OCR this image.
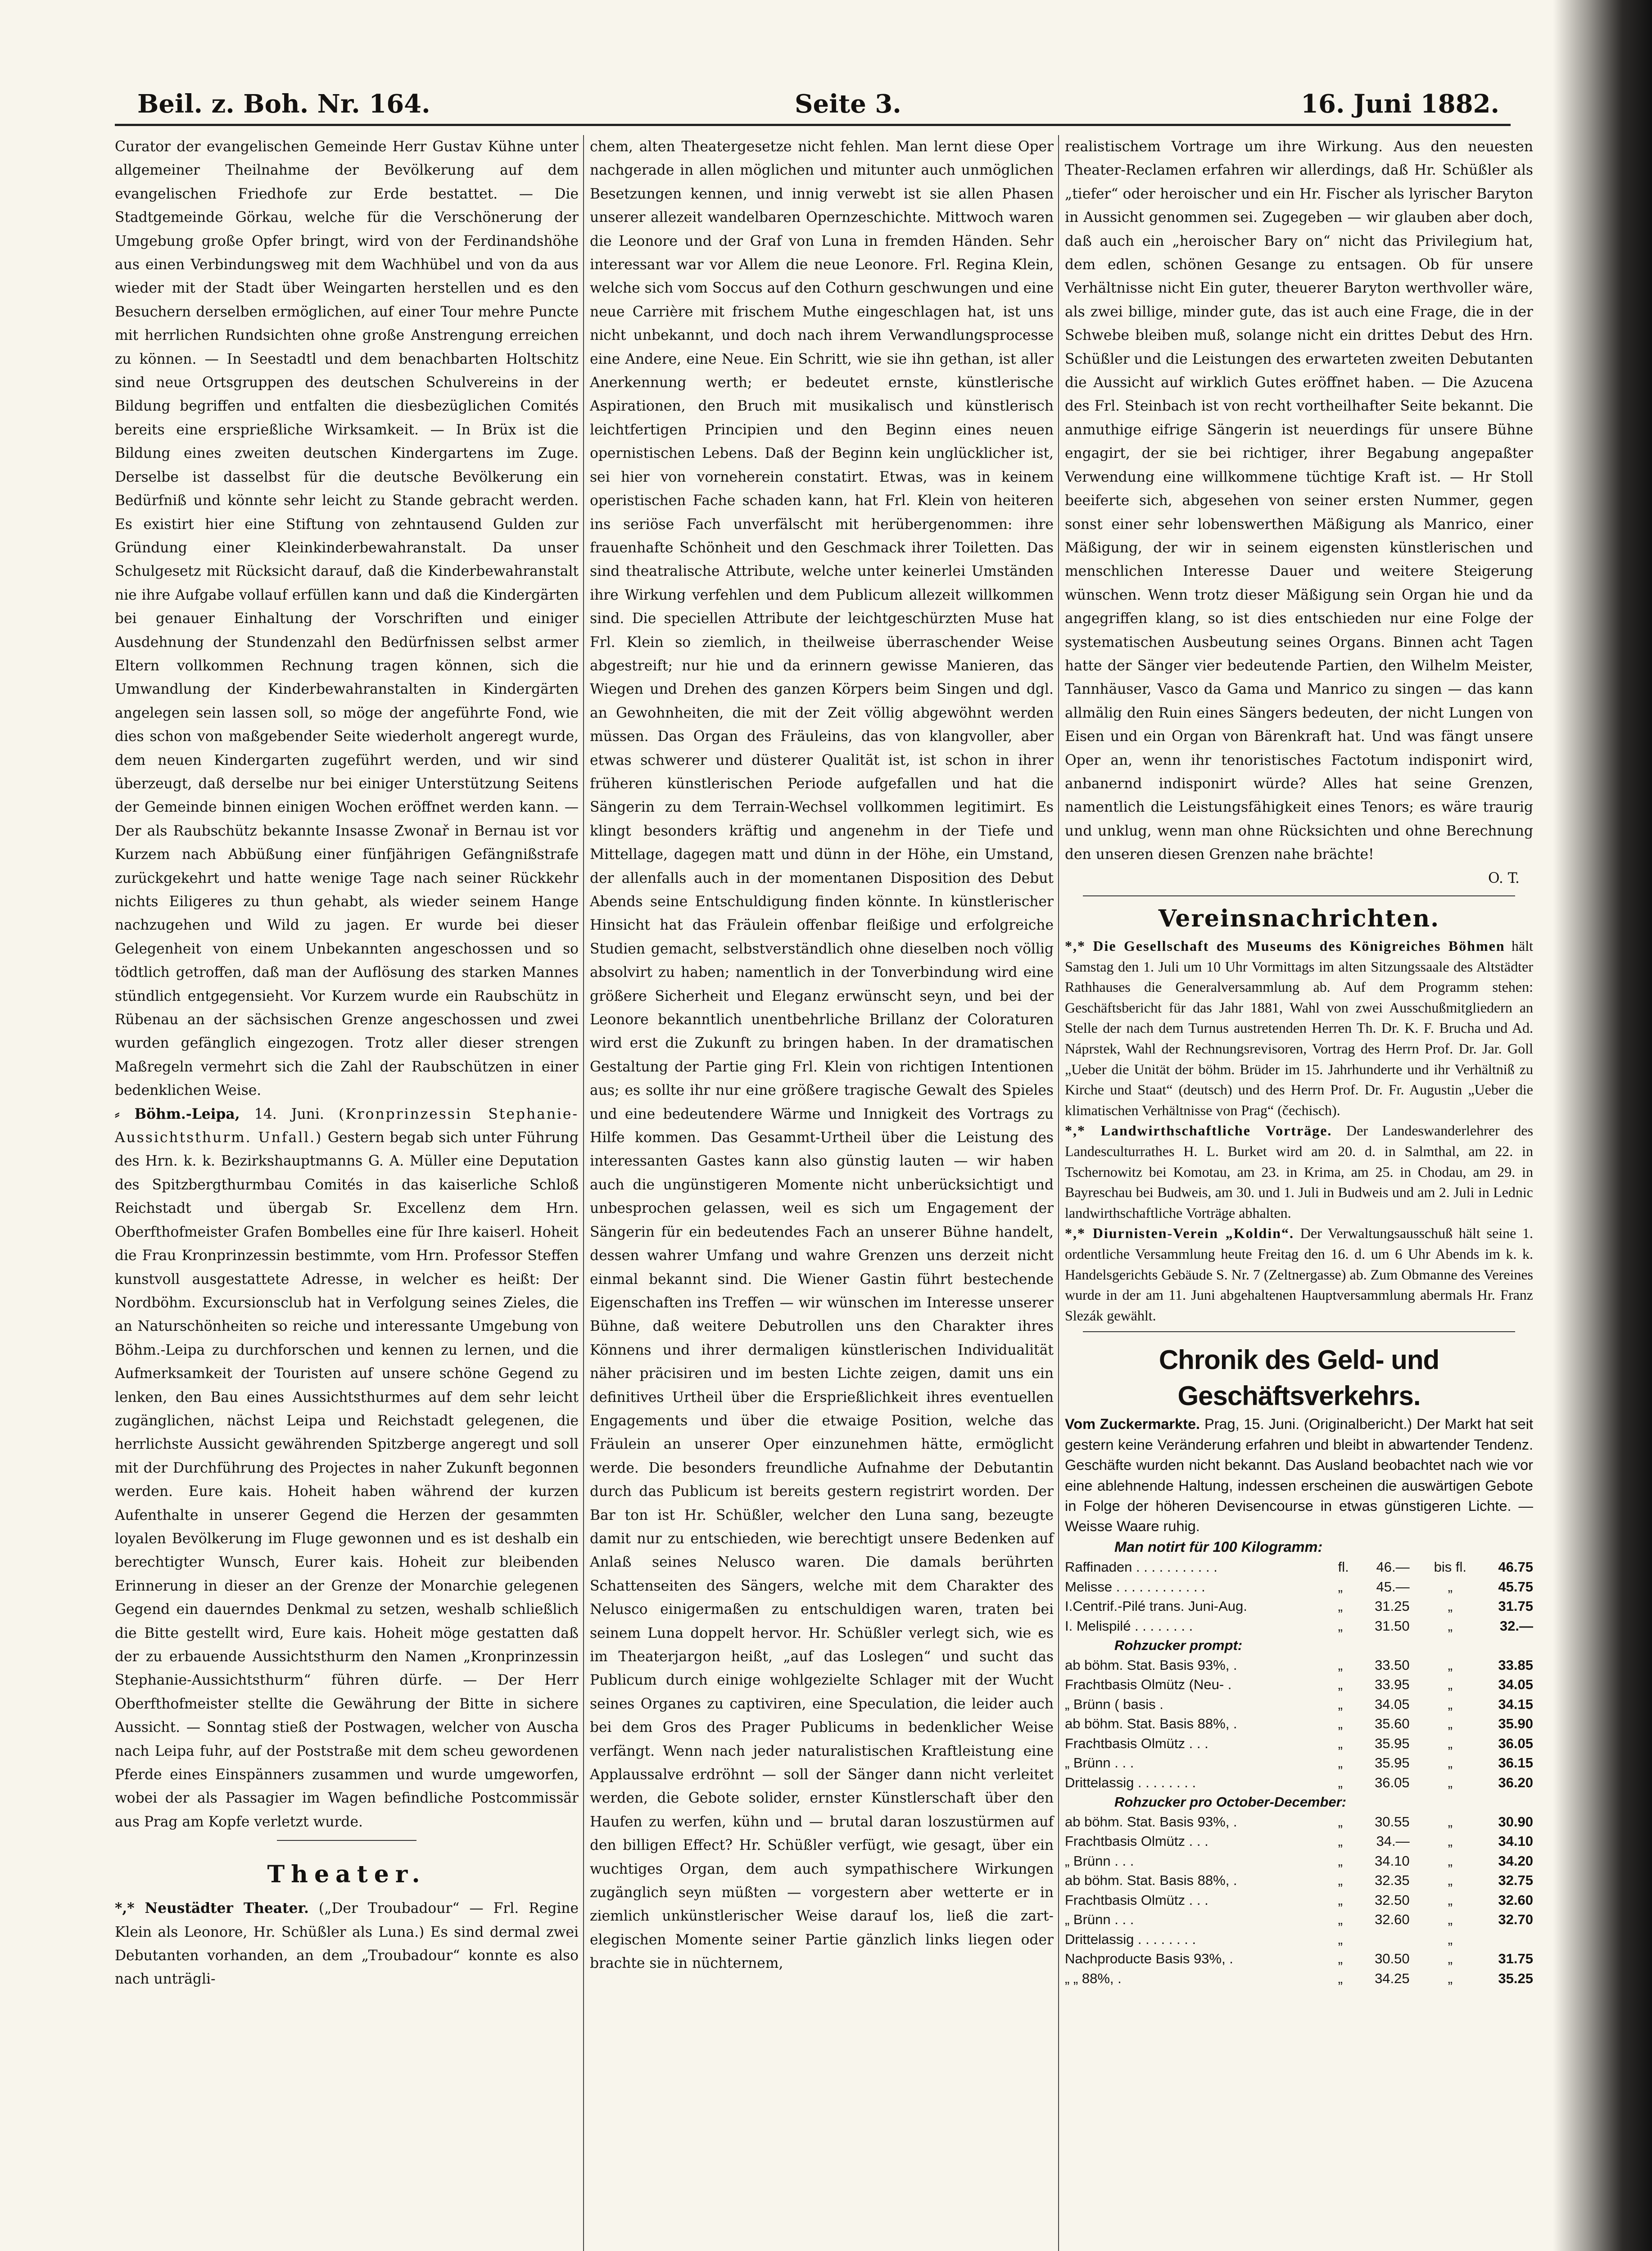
Beil. z. Boh. Nr. 164.	Seite 3.	16. Juni 1882.

Curator der evangelischen Gemeinde Herr Gustav Kühne unter allgemeiner Theilnahme der Bevölkerung auf dem evangelischen Friedhofe zur Erde bestattet. — Die Stadtgemeinde Görkau, welche für die Verschönerung der Umgebung große Opfer bringt, wird von der Ferdinandshöhe aus einen Verbindungsweg mit dem Wachhübel und von da aus wieder mit der Stadt über Weingarten herstellen und es den Besuchern derselben ermöglichen, auf einer Tour mehre Puncte mit herrlichen Rundsichten ohne große Anstrengung erreichen zu können. — In Seestadtl und dem benachbarten Holtschitz sind neue Ortsgruppen des deutschen Schulvereins in der Bildung begriffen und entfalten die diesbezüglichen Comités bereits eine ersprießliche Wirksamkeit. — In Brüx ist die Bildung eines zweiten deutschen Kindergartens im Zuge. Derselbe ist dasselbst für die deutsche Bevölkerung ein Bedürfniß und könnte sehr leicht zu Stande gebracht werden. Es existirt hier eine Stiftung von zehntausend Gulden zur Gründung einer Kleinkinderbewahranstalt. Da unser Schulgesetz mit Rücksicht darauf, daß die Kinderbewahranstalt nie ihre Aufgabe vollauf erfüllen kann und daß die Kindergärten bei genauer Einhaltung der Vorschriften und einiger Ausdehnung der Stundenzahl den Bedürfnissen selbst armer Eltern vollkommen Rechnung tragen können, sich die Umwandlung der Kinderbewahranstalten in Kindergärten angelegen sein lassen soll, so möge der angeführte Fond, wie dies schon von maßgebender Seite wiederholt angeregt wurde, dem neuen Kindergarten zugeführt werden, und wir sind überzeugt, daß derselbe nur bei einiger Unterstützung Seitens der Gemeinde binnen einigen Wochen eröffnet werden kann. — Der als Raubschütz bekannte Insasse Zwonař in Bernau ist vor Kurzem nach Abbüßung einer fünfjährigen Gefängnißstrafe zurückgekehrt und hatte wenige Tage nach seiner Rückkehr nichts Eiligeres zu thun gehabt, als wieder seinem Hange nachzugehen und Wild zu jagen. Er wurde bei dieser Gelegenheit von einem Unbekannten angeschossen und so tödtlich getroffen, daß man der Auflösung des starken Mannes stündlich entgegensieht. Vor Kurzem wurde ein Raubschütz in Rübenau an der sächsischen Grenze angeschossen und zwei wurden gefänglich eingezogen. Trotz aller dieser strengen Maßregeln vermehrt sich die Zahl der Raubschützen in einer bedenklichen Weise.

⸗ Böhm.-Leipa, 14. Juni. (Kronprinzessin Stephanie-Aussichtsthurm. Unfall.) Gestern begab sich unter Führung des Hrn. k. k. Bezirkshauptmanns G. A. Müller eine Deputation des Spitzbergthurmbau Comités in das kaiserliche Schloß Reichstadt und übergab Sr. Excellenz dem Hrn. Oberfthofmeister Grafen Bombelles eine für Ihre kaiserl. Hoheit die Frau Kronprinzessin bestimmte, vom Hrn. Professor Steffen kunstvoll ausgestattete Adresse, in welcher es heißt: Der Nordböhm. Excursionsclub hat in Verfolgung seines Zieles, die an Naturschönheiten so reiche und interessante Umgebung von Böhm.-Leipa zu durchforschen und kennen zu lernen, und die Aufmerksamkeit der Touristen auf unsere schöne Gegend zu lenken, den Bau eines Aussichtsthurmes auf dem sehr leicht zugänglichen, nächst Leipa und Reichstadt gelegenen, die herrlichste Aussicht gewährenden Spitzberge angeregt und soll mit der Durchführung des Projectes in naher Zukunft begonnen werden. Eure kais. Hoheit haben während der kurzen Aufenthalte in unserer Gegend die Herzen der gesammten loyalen Bevölkerung im Fluge gewonnen und es ist deshalb ein berechtigter Wunsch, Eurer kais. Hoheit zur bleibenden Erinnerung in dieser an der Grenze der Monarchie gelegenen Gegend ein dauerndes Denkmal zu setzen, weshalb schließlich die Bitte gestellt wird, Eure kais. Hoheit möge gestatten daß der zu erbauende Aussichtsthurm den Namen „Kronprinzessin Stephanie-Aussichtsthurm“ führen dürfe. — Der Herr Oberfthofmeister stellte die Gewährung der Bitte in sichere Aussicht. — Sonntag stieß der Postwagen, welcher von Auscha nach Leipa fuhr, auf der Poststraße mit dem scheu gewordenen Pferde eines Einspänners zusammen und wurde umgeworfen, wobei der als Passagier im Wagen befindliche Postcommissär aus Prag am Kopfe verletzt wurde.

Theater.

*,* Neustädter Theater. („Der Troubadour“ — Frl. Regine Klein als Leonore, Hr. Schüßler als Luna.) Es sind dermal zwei Debutanten vorhanden, an dem „Troubadour“ konnte es also nach unträgli-

chem, alten Theatergesetze nicht fehlen. Man lernt diese Oper nachgerade in allen möglichen und mitunter auch unmöglichen Besetzungen kennen, und innig verwebt ist sie allen Phasen unserer allezeit wandelbaren Opernzeschichte. Mittwoch waren die Leonore und der Graf von Luna in fremden Händen. Sehr interessant war vor Allem die neue Leonore. Frl. Regina Klein, welche sich vom Soccus auf den Cothurn geschwungen und eine neue Carrière mit frischem Muthe eingeschlagen hat, ist uns nicht unbekannt, und doch nach ihrem Verwandlungsprocesse eine Andere, eine Neue. Ein Schritt, wie sie ihn gethan, ist aller Anerkennung werth; er bedeutet ernste, künstlerische Aspirationen, den Bruch mit musikalisch und künstlerisch leichtfertigen Principien und den Beginn eines neuen opernistischen Lebens. Daß der Beginn kein unglücklicher ist, sei hier von vorneherein constatirt. Etwas, was in keinem operistischen Fache schaden kann, hat Frl. Klein von heiteren ins seriöse Fach unverfälscht mit herübergenommen: ihre frauenhafte Schönheit und den Geschmack ihrer Toiletten. Das sind theatralische Attribute, welche unter keinerlei Umständen ihre Wirkung verfehlen und dem Publicum allezeit willkommen sind. Die speciellen Attribute der leichtgeschürzten Muse hat Frl. Klein so ziemlich, in theilweise überraschender Weise abgestreift; nur hie und da erinnern gewisse Manieren, das Wiegen und Drehen des ganzen Körpers beim Singen und dgl. an Gewohnheiten, die mit der Zeit völlig abgewöhnt werden müssen. Das Organ des Fräuleins, das von klangvoller, aber etwas schwerer und düsterer Qualität ist, ist schon in ihrer früheren künstlerischen Periode aufgefallen und hat die Sängerin zu dem Terrain-Wechsel vollkommen legitimirt. Es klingt besonders kräftig und angenehm in der Tiefe und Mittellage, dagegen matt und dünn in der Höhe, ein Umstand, der allenfalls auch in der momentanen Disposition des Debut Abends seine Entschuldigung finden könnte. In künstlerischer Hinsicht hat das Fräulein offenbar fleißige und erfolgreiche Studien gemacht, selbstverständlich ohne dieselben noch völlig absolvirt zu haben; namentlich in der Tonverbindung wird eine größere Sicherheit und Eleganz erwünscht seyn, und bei der Leonore bekanntlich unentbehrliche Brillanz der Coloraturen wird erst die Zukunft zu bringen haben. In der dramatischen Gestaltung der Partie ging Frl. Klein von richtigen Intentionen aus; es sollte ihr nur eine größere tragische Gewalt des Spieles und eine bedeutendere Wärme und Innigkeit des Vortrags zu Hilfe kommen. Das Gesammt-Urtheil über die Leistung des interessanten Gastes kann also günstig lauten — wir haben auch die ungünstigeren Momente nicht unberücksichtigt und unbesprochen gelassen, weil es sich um Engagement der Sängerin für ein bedeutendes Fach an unserer Bühne handelt, dessen wahrer Umfang und wahre Grenzen uns derzeit nicht einmal bekannt sind. Die Wiener Gastin führt bestechende Eigenschaften ins Treffen — wir wünschen im Interesse unserer Bühne, daß weitere Debutrollen uns den Charakter ihres Könnens und ihrer dermaligen künstlerischen Individualität näher präcisiren und im besten Lichte zeigen, damit uns ein definitives Urtheil über die Ersprießlichkeit ihres eventuellen Engagements und über die etwaige Position, welche das Fräulein an unserer Oper einzunehmen hätte, ermöglicht werde. Die besonders freundliche Aufnahme der Debutantin durch das Publicum ist bereits gestern registrirt worden. Der Bar ton ist Hr. Schüßler, welcher den Luna sang, bezeugte damit nur zu entschieden, wie berechtigt unsere Bedenken auf Anlaß seines Nelusco waren. Die damals berührten Schattenseiten des Sängers, welche mit dem Charakter des Nelusco einigermaßen zu entschuldigen waren, traten bei seinem Luna doppelt hervor. Hr. Schüßler verlegt sich, wie es im Theaterjargon heißt, „auf das Loslegen“ und sucht das Publicum durch einige wohlgezielte Schlager mit der Wucht seines Organes zu captiviren, eine Speculation, die leider auch bei dem Gros des Prager Publicums in bedenklicher Weise verfängt. Wenn nach jeder naturalistischen Kraftleistung eine Applaussalve erdröhnt — soll der Sänger dann nicht verleitet werden, die Gebote solider, ernster Künstlerschaft über den Haufen zu werfen, kühn und — brutal daran loszustürmen auf den billigen Effect? Hr. Schüßler verfügt, wie gesagt, über ein wuchtiges Organ, dem auch sympathischere Wirkungen zugänglich seyn müßten — vorgestern aber wetterte er in ziemlich unkünstlerischer Weise darauf los, ließ die zart-elegischen Momente seiner Partie gänzlich links liegen oder brachte sie in nüchternem,

realistischem Vortrage um ihre Wirkung. Aus den neuesten Theater-Reclamen erfahren wir allerdings, daß Hr. Schüßler als „tiefer“ oder heroischer und ein Hr. Fischer als lyrischer Baryton in Aussicht genommen sei. Zugegeben — wir glauben aber doch, daß auch ein „heroischer Bary on“ nicht das Privilegium hat, dem edlen, schönen Gesange zu entsagen. Ob für unsere Verhältnisse nicht Ein guter, theuerer Baryton werthvoller wäre, als zwei billige, minder gute, das ist auch eine Frage, die in der Schwebe bleiben muß, solange nicht ein drittes Debut des Hrn. Schüßler und die Leistungen des erwarteten zweiten Debutanten die Aussicht auf wirklich Gutes eröffnet haben. — Die Azucena des Frl. Steinbach ist von recht vortheilhafter Seite bekannt. Die anmuthige eifrige Sängerin ist neuerdings für unsere Bühne engagirt, der sie bei richtiger, ihrer Begabung angepaßter Verwendung eine willkommene tüchtige Kraft ist. — Hr Stoll beeiferte sich, abgesehen von seiner ersten Nummer, gegen sonst einer sehr lobenswerthen Mäßigung als Manrico, einer Mäßigung, der wir in seinem eigensten künstlerischen und menschlichen Interesse Dauer und weitere Steigerung wünschen. Wenn trotz dieser Mäßigung sein Organ hie und da angegriffen klang, so ist dies entschieden nur eine Folge der systematischen Ausbeutung seines Organs. Binnen acht Tagen hatte der Sänger vier bedeutende Partien, den Wilhelm Meister, Tannhäuser, Vasco da Gama und Manrico zu singen — das kann allmälig den Ruin eines Sängers bedeuten, der nicht Lungen von Eisen und ein Organ von Bärenkraft hat. Und was fängt unsere Oper an, wenn ihr tenoristisches Factotum indisponirt wird, anbanernd indisponirt würde? Alles hat seine Grenzen, namentlich die Leistungsfähigkeit eines Tenors; es wäre traurig und unklug, wenn man ohne Rücksichten und ohne Berechnung den unseren diesen Grenzen nahe brächte!

O. T.
Vereinsnachrichten.

*,* Die Gesellschaft des Museums des Königreiches Böhmen hält Samstag den 1. Juli um 10 Uhr Vormittags im alten Sitzungssaale des Altstädter Rathhauses die Generalversammlung ab. Auf dem Programm stehen: Geschäftsbericht für das Jahr 1881, Wahl von zwei Ausschußmitgliedern an Stelle der nach dem Turnus austretenden Herren Th. Dr. K. F. Brucha und Ad. Náprstek, Wahl der Rechnungsrevisoren, Vortrag des Herrn Prof. Dr. Jar. Goll „Ueber die Unität der böhm. Brüder im 15. Jahrhunderte und ihr Verhältniß zu Kirche und Staat“ (deutsch) und des Herrn Prof. Dr. Fr. Augustin „Ueber die klimatischen Verhältnisse von Prag“ (čechisch).

*,* Landwirthschaftliche Vorträge. Der Landeswanderlehrer des Landesculturrathes H. L. Burket wird am 20. d. in Salmthal, am 22. in Tschernowitz bei Komotau, am 23. in Krima, am 25. in Chodau, am 29. in Bayreschau bei Budweis, am 30. und 1. Juli in Budweis und am 2. Juli in Lednic landwirthschaftliche Vorträge abhalten.

*,* Diurnisten-Verein „Koldin“. Der Verwaltungsausschuß hält seine 1. ordentliche Versammlung heute Freitag den 16. d. um 6 Uhr Abends im k. k. Handelsgerichts Gebäude S. Nr. 7 (Zeltnergasse) ab. Zum Obmanne des Vereines wurde in der am 11. Juni abgehaltenen Hauptversammlung abermals Hr. Franz Slezák gewählt.

Chronik des Geld- und Geschäftsverkehrs.

Vom Zuckermarkte. Prag, 15. Juni. (Originalbericht.) Der Markt hat seit gestern keine Veränderung erfahren und bleibt in abwartender Tendenz. Geschäfte wurden nicht bekannt. Das Ausland beobachtet nach wie vor eine ablehnende Haltung, indessen erscheinen die auswärtigen Gebote in Folge der höheren Devisencourse in etwas günstigeren Lichte. — Weisse Waare ruhig.

Man notirt für 100 Kilogramm:

Raffinaden . . . . . . . . . . .	fl.	46.—	bis fl.	46.75
Melisse . . . . . . . . . . . .	„	45.—	„	45.75
I.Centrif.-Pilé trans. Juni-Aug.	„	31.25	„	31.75
I. Melispilé . . . . . . . .	„	31.50	„	32.—
Rohzucker prompt:				
ab böhm. Stat. Basis 93%, .	„	33.50	„	33.85
Frachtbasis Olmütz (Neu- .	„	33.95	„	34.05
„ Brünn ( basis .	„	34.05	„	34.15
ab böhm. Stat. Basis 88%, .	„	35.60	„	35.90
Frachtbasis Olmütz . . .	„	35.95	„	36.05
„ Brünn . . .	„	35.95	„	36.15
Drittelassig . . . . . . . .	„	36.05	„	36.20
Rohzucker pro October-December:				
ab böhm. Stat. Basis 93%, .	„	30.55	„	30.90
Frachtbasis Olmütz . . .	„	34.—	„	34.10
„ Brünn . . .	„	34.10	„	34.20
ab böhm. Stat. Basis 88%, .	„	32.35	„	32.75
Frachtbasis Olmütz . . .	„	32.50	„	32.60
„ Brünn . . .	„	32.60	„	32.70
Drittelassig . . . . . . . .	„		„	
Nachproducte Basis 93%, .	„	30.50	„	31.75
„ „ 88%, .	„	34.25	„	35.25
